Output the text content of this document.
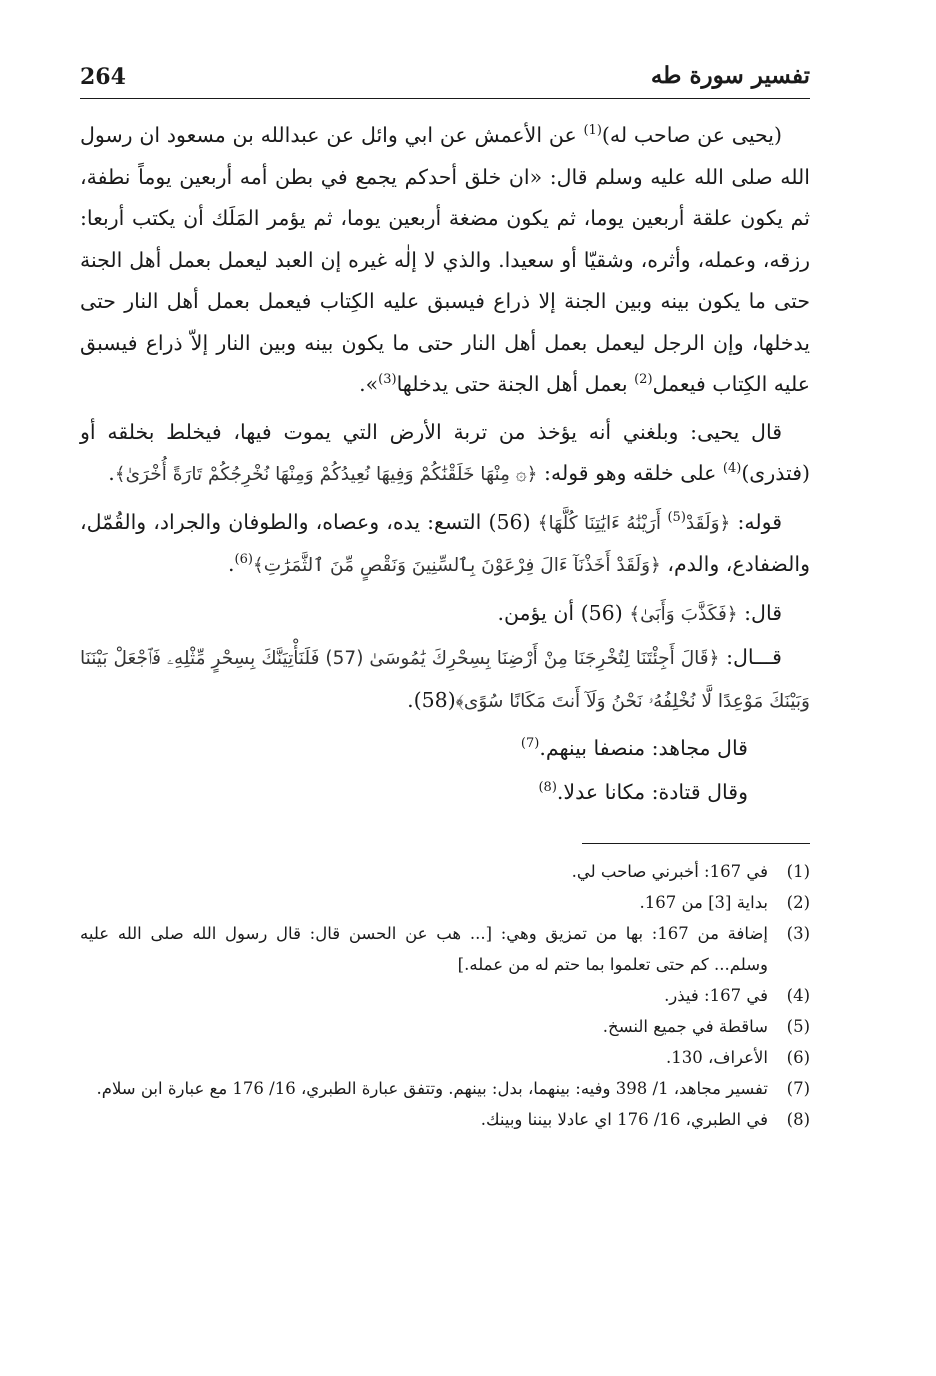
264	تفسير سورة طه

(يحيى عن صاحب له)$^{(1)}$ عن الأعمش عن ابي وائل عن عبدالله بن مسعود ان رسول الله صلى الله عليه وسلم قال: «ان خلق أحدكم يجمع في بطن أمه أربعين يوماً نطفة، ثم يكون علقة أربعين يوما، ثم يكون مضغة أربعين يوما، ثم يؤمر المَلَك أن يكتب أربعا: رزقه، وعمله، وأثره، وشقيّا أو سعيدا. والذي لا إلٰه غيره إن العبد ليعمل بعمل أهل الجنة حتى ما يكون بينه وبين الجنة إلا ذراع فيسبق عليه الكِتاب فيعمل بعمل أهل النار حتى يدخلها، وإن الرجل ليعمل بعمل أهل النار حتى ما يكون بينه وبين النار إلاّ ذراع فيسبق عليه الكِتاب فيعمل$^{(2)}$ بعمل أهل الجنة حتى يدخلها$^{(3)}$».

قال يحيى: وبلغني أنه يؤخذ من تربة الأرض التي يموت فيها، فيخلط بخلقه أو (فتذرى)$^{(4)}$ على خلقه وهو قوله: ﴿۞ مِنْهَا خَلَقْنَٰكُمْ وَفِيهَا نُعِيدُكُمْ وَمِنْهَا نُخْرِجُكُمْ تَارَةً أُخْرَىٰ﴾.

قوله: ﴿وَلَقَدْ$^{(5)}$ أَرَيْنَٰهُ ءَايَٰتِنَا كُلَّهَا﴾ (56) التسع: يده، وعصاه، والطوفان والجراد، والقُمّل، والضفادع، والدم، ﴿وَلَقَدْ أَخَذْنَآ ءَالَ فِرْعَوْنَ بِٱلسِّنِينَ وَنَقْصٍ مِّنَ ٱلثَّمَرَٰتِ﴾$^{(6)}$.

قال: ﴿فَكَذَّبَ وَأَبَىٰ﴾ (56) أن يؤمن.

قـــال: ﴿قَالَ أَجِئْتَنَا لِتُخْرِجَنَا مِنْ أَرْضِنَا بِسِحْرِكَ يَٰمُوسَىٰ (57) فَلَنَأْتِيَنَّكَ بِسِحْرٍ مِّثْلِهِۦ فَٱجْعَلْ بَيْنَنَا وَبَيْنَكَ مَوْعِدًا لَّا نُخْلِفُهُۥ نَحْنُ وَلَآ أَنتَ مَكَانًا سُوًى﴾(58).

قال مجاهد: منصفا بينهم.$^{(7)}$

وقال قتادة: مكانا عدلا.$^{(8)}$

(1)
في 167: أخبرني صاحب لي.
(2)
بداية [3] من 167.
(3)
إضافة من 167: بها من تمزيق وهي: [... هب عن الحسن قال: قال رسول الله صلى الله عليه وسلم... كم حتى تعلموا بما حتم له من عمله.]
(4)
في 167: فيذر.
(5)
ساقطة في جميع النسخ.
(6)
الأعراف، 130.
(7)
تفسير مجاهد، 1/ 398 وفيه: بينهما، بدل: بينهم. وتتفق عبارة الطبري، 16/ 176 مع عبارة ابن سلام.
(8)
في الطبري، 16/ 176 اي عادلا بيننا وبينك.
